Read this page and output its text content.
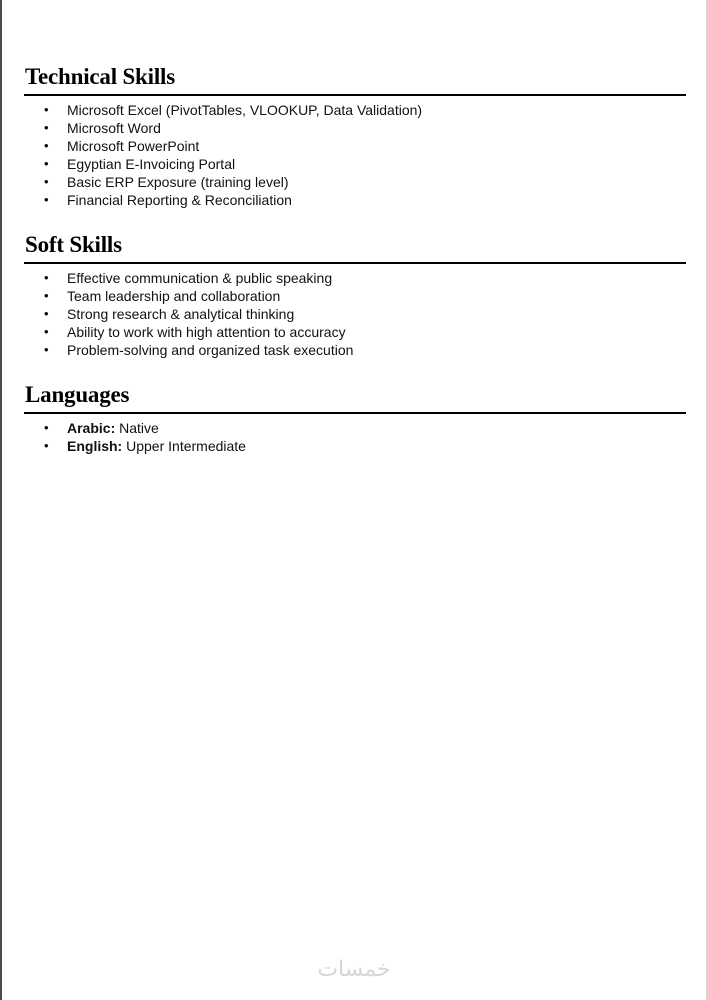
Technical Skills
• Microsoft Excel (PivotTables, VLOOKUP, Data Validation)
• Microsoft Word
• Microsoft PowerPoint
• Egyptian E-Invoicing Portal
• Basic ERP Exposure (training level)
• Financial Reporting & Reconciliation
Soft Skills
• Effective communication & public speaking
• Team leadership and collaboration
• Strong research & analytical thinking
• Ability to work with high attention to accuracy
• Problem-solving and organized task execution
Languages
• Arabic: Native
• English: Upper Intermediate
خمسات
